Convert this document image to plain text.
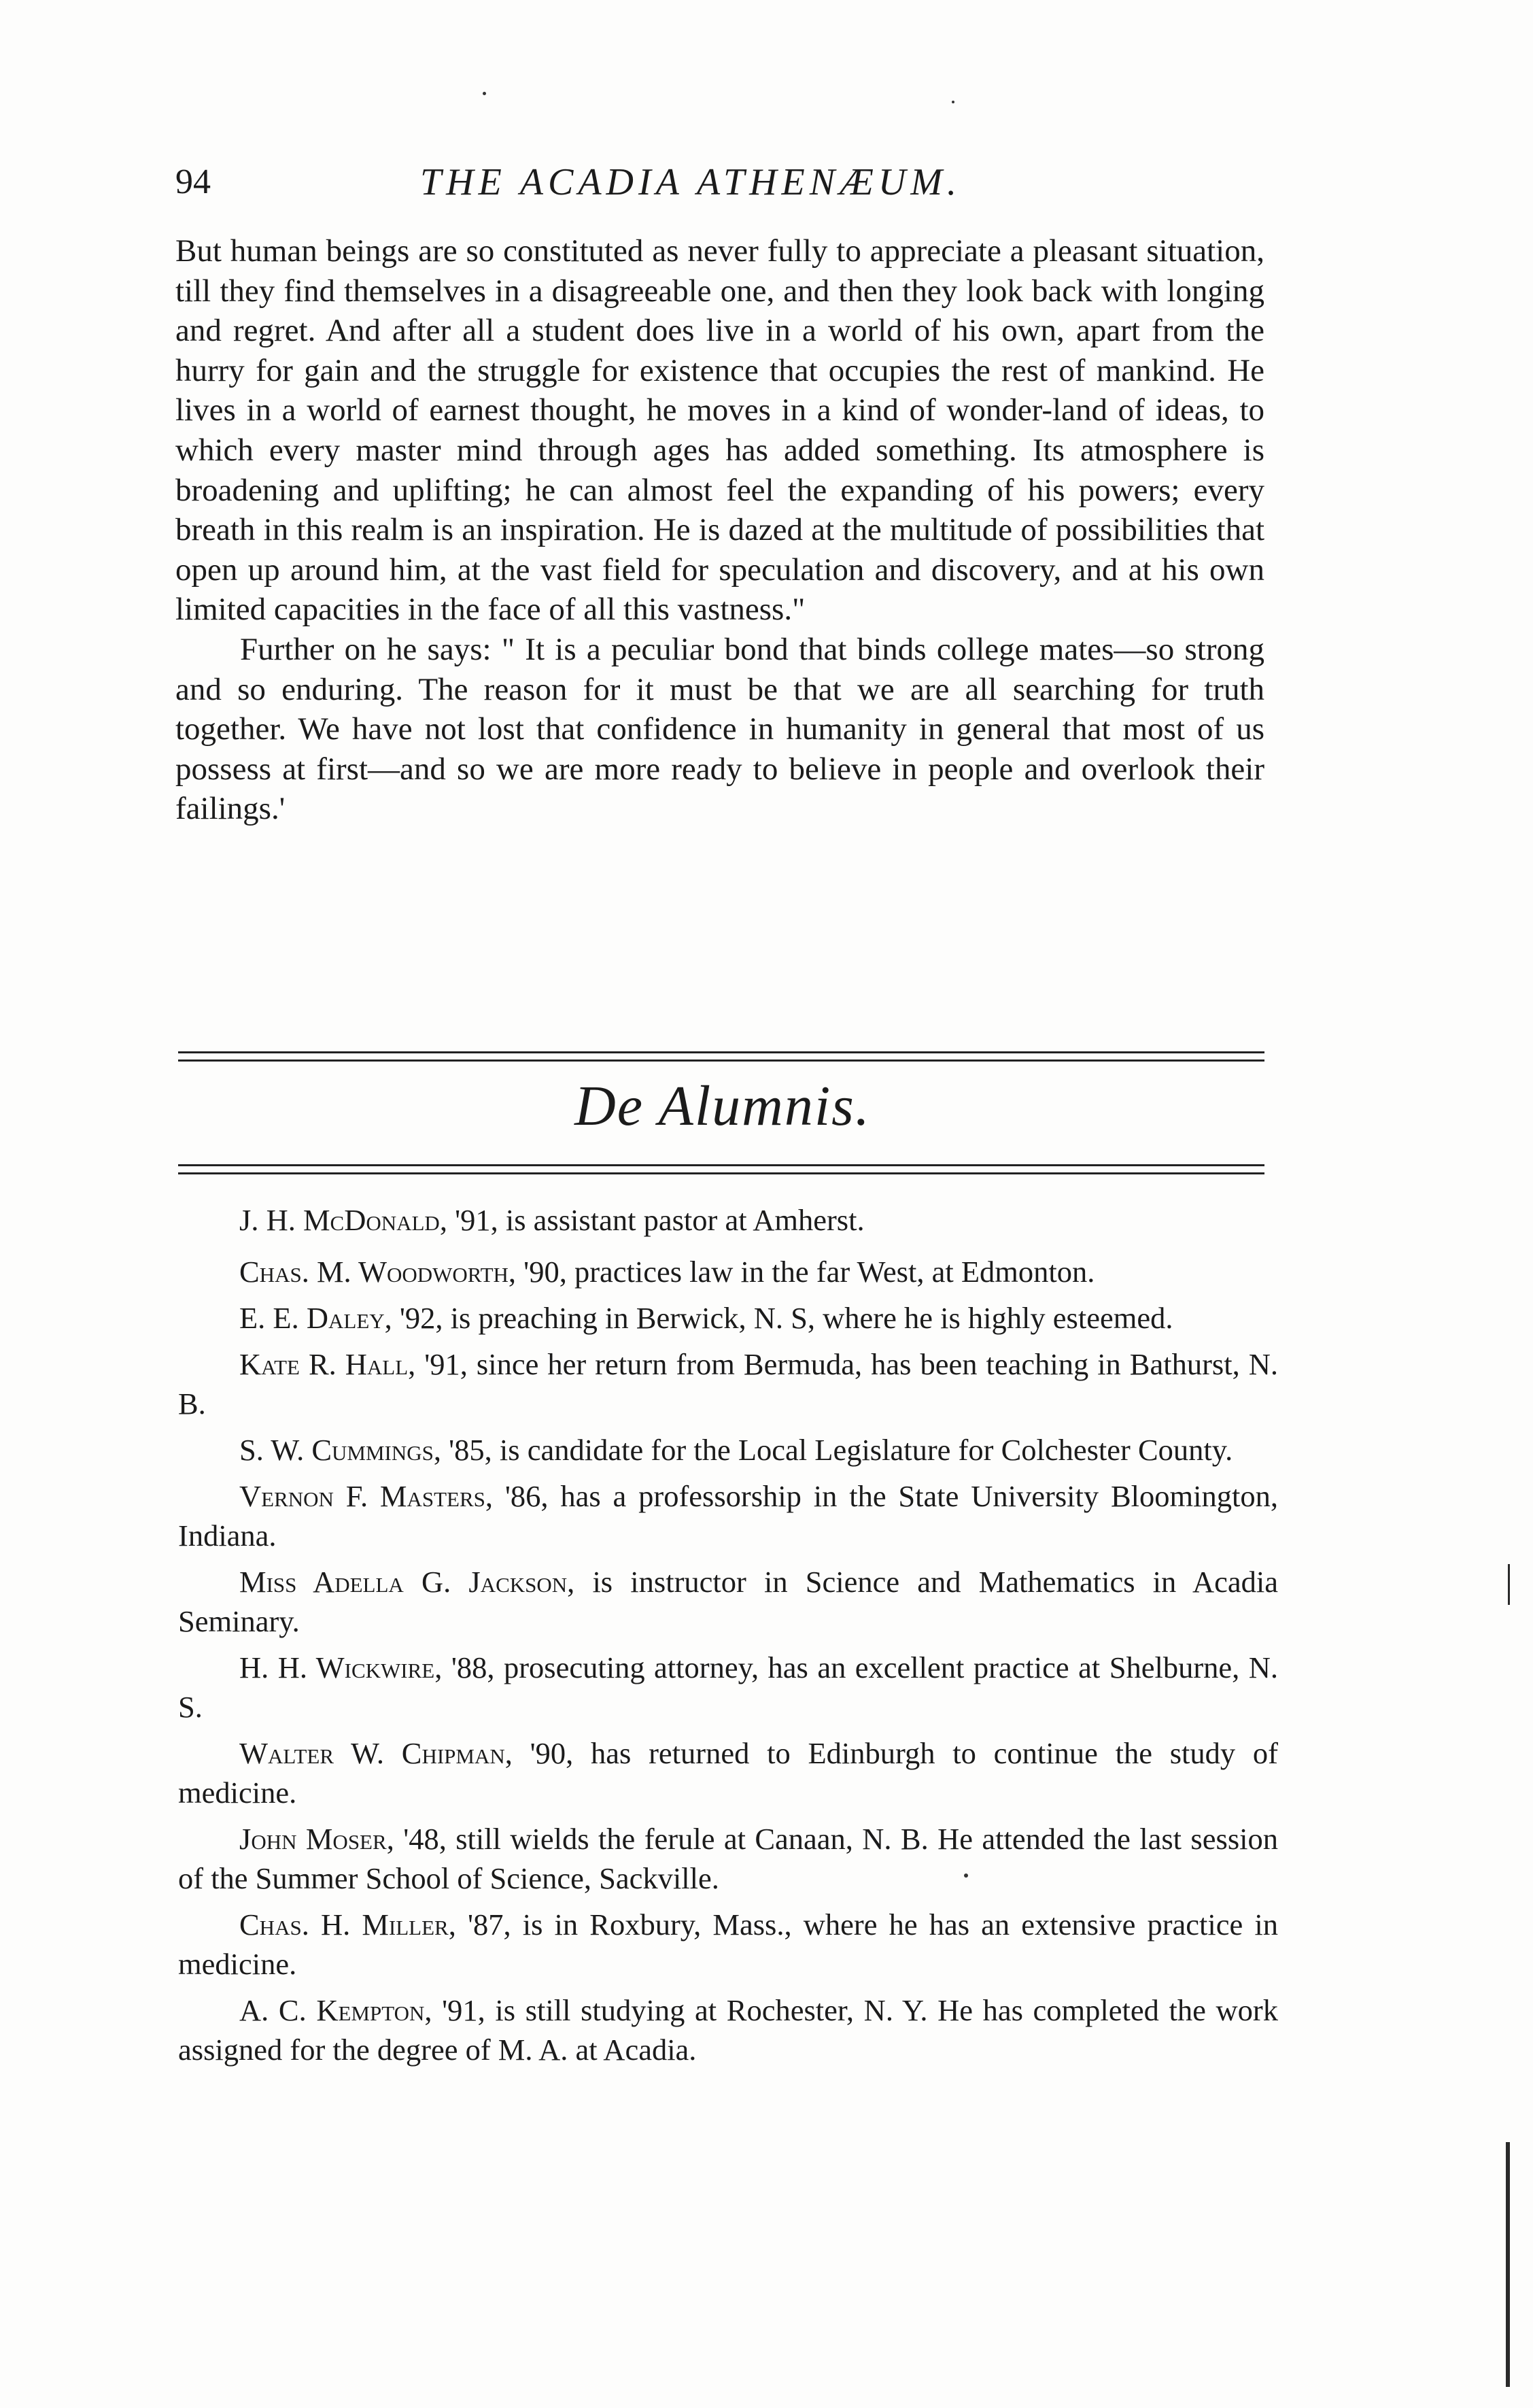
94	THE ACADIA ATHENÆUM.

But human beings are so constituted as never fully to appreciate a pleasant situation, till they find themselves in a disagreeable one, and then they look back with longing and regret. And after all a student does live in a world of his own, apart from the hurry for gain and the struggle for existence that occupies the rest of mankind. He lives in a world of earnest thought, he moves in a kind of wonder-land of ideas, to which every master mind through ages has added something. Its atmosphere is broadening and uplifting; he can almost feel the expanding of his powers; every breath in this realm is an inspiration. He is dazed at the multitude of possibilities that open up around him, at the vast field for speculation and discovery, and at his own limited capacities in the face of all this vastness."

Further on he says: " It is a peculiar bond that binds college mates—so strong and so enduring. The reason for it must be that we are all searching for truth together. We have not lost that confidence in humanity in general that most of us possess at first—and so we are more ready to believe in people and overlook their failings.'

De Alumnis.

J. H. McDonald, '91, is assistant pastor at Amherst.

Chas. M. Woodworth, '90, practices law in the far West, at Edmonton.

E. E. Daley, '92, is preaching in Berwick, N. S, where he is highly esteemed.

Kate R. Hall, '91, since her return from Bermuda, has been teaching in Bathurst, N. B.

S. W. Cummings, '85, is candidate for the Local Legislature for Colchester County.

Vernon F. Masters, '86, has a professorship in the State University Bloomington, Indiana.

Miss Adella G. Jackson, is instructor in Science and Mathematics in Acadia Seminary.

H. H. Wickwire, '88, prosecuting attorney, has an excellent practice at Shelburne, N. S.

Walter W. Chipman, '90, has returned to Edinburgh to continue the study of medicine.

John Moser, '48, still wields the ferule at Canaan, N. B. He attended the last session of the Summer School of Science, Sackville.

Chas. H. Miller, '87, is in Roxbury, Mass., where he has an extensive practice in medicine.

A. C. Kempton, '91, is still studying at Rochester, N. Y. He has completed the work assigned for the degree of M. A. at Acadia.
